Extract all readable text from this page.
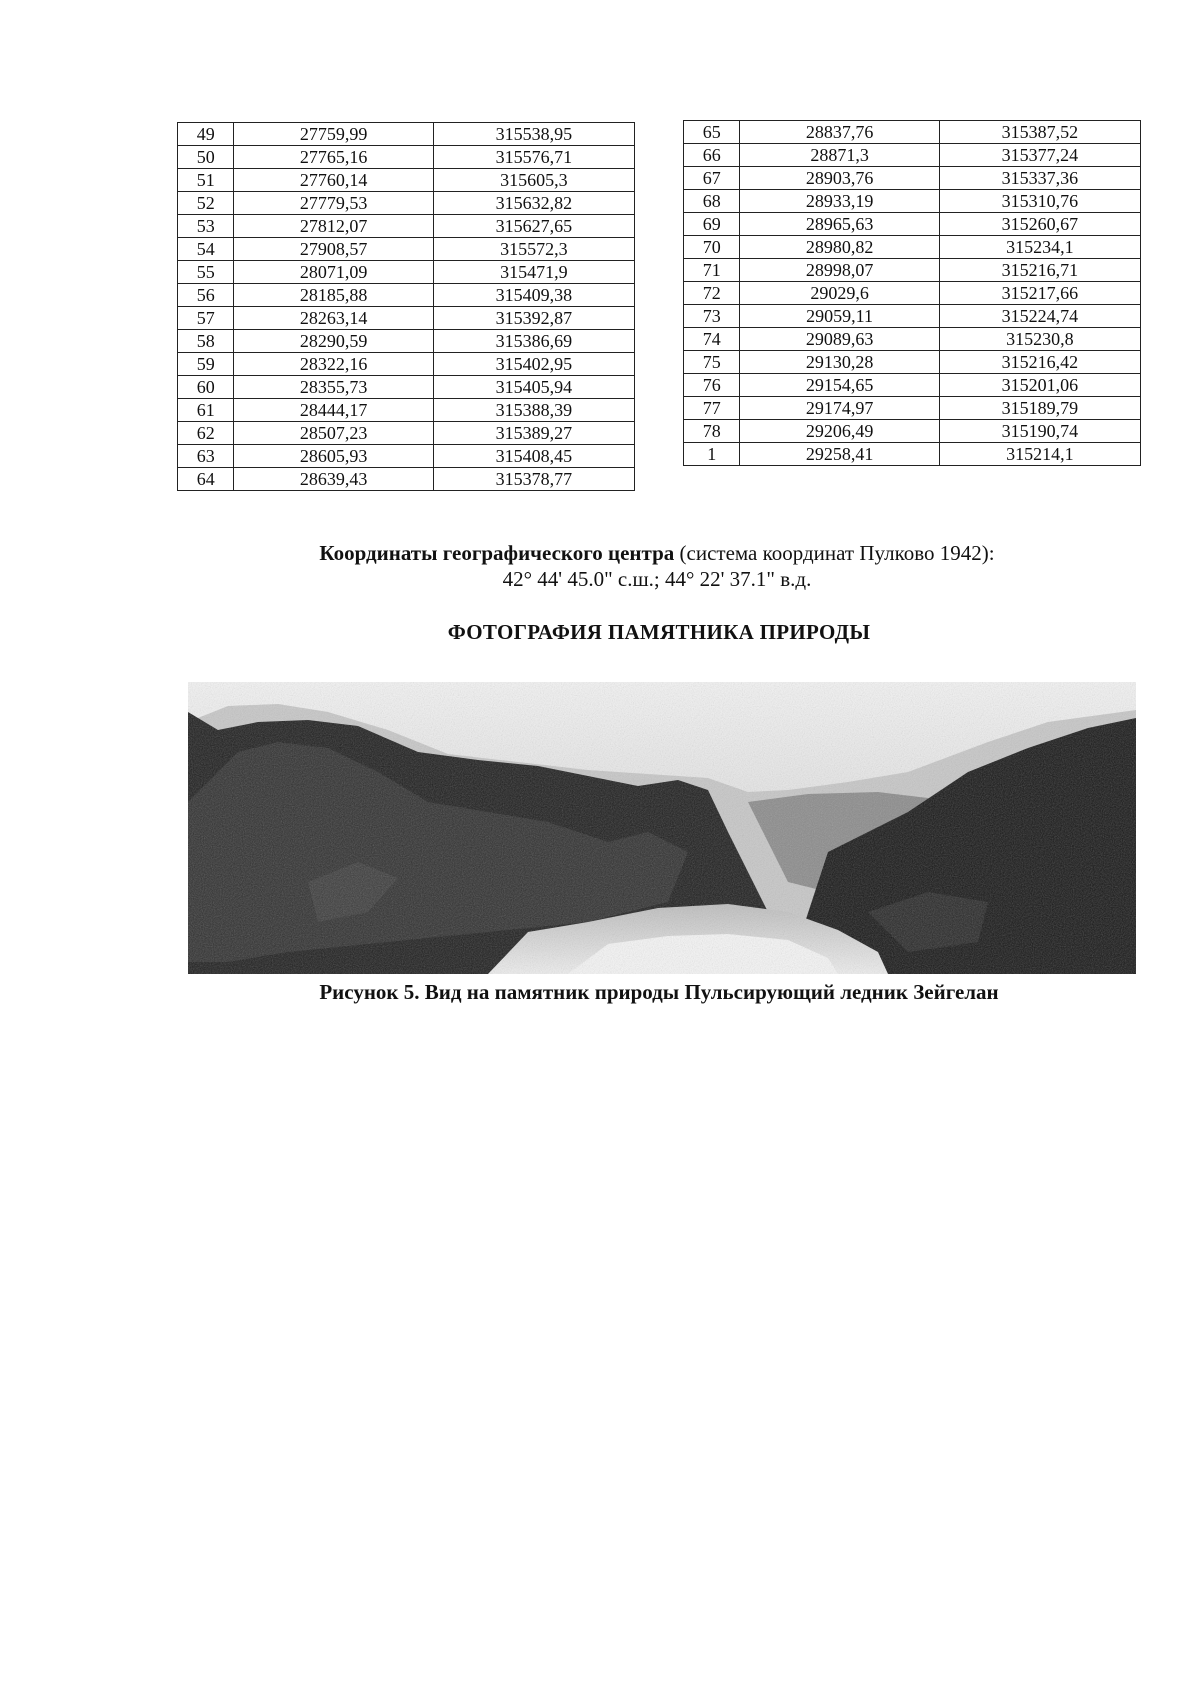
49	27759,99	315538,95
50	27765,16	315576,71
51	27760,14	315605,3
52	27779,53	315632,82
53	27812,07	315627,65
54	27908,57	315572,3
55	28071,09	315471,9
56	28185,88	315409,38
57	28263,14	315392,87
58	28290,59	315386,69
59	28322,16	315402,95
60	28355,73	315405,94
61	28444,17	315388,39
62	28507,23	315389,27
63	28605,93	315408,45
64	28639,43	315378,77
65	28837,76	315387,52
66	28871,3	315377,24
67	28903,76	315337,36
68	28933,19	315310,76
69	28965,63	315260,67
70	28980,82	315234,1
71	28998,07	315216,71
72	29029,6	315217,66
73	29059,11	315224,74
74	29089,63	315230,8
75	29130,28	315216,42
76	29154,65	315201,06
77	29174,97	315189,79
78	29206,49	315190,74
1	29258,41	315214,1
Координаты географического центра (система координат Пулково 1942):
42° 44' 45.0" с.ш.; 44° 22' 37.1" в.д.
ФОТОГРАФИЯ ПАМЯТНИКА ПРИРОДЫ
Рисунок 5. Вид на памятник природы Пульсирующий ледник Зейгелан
